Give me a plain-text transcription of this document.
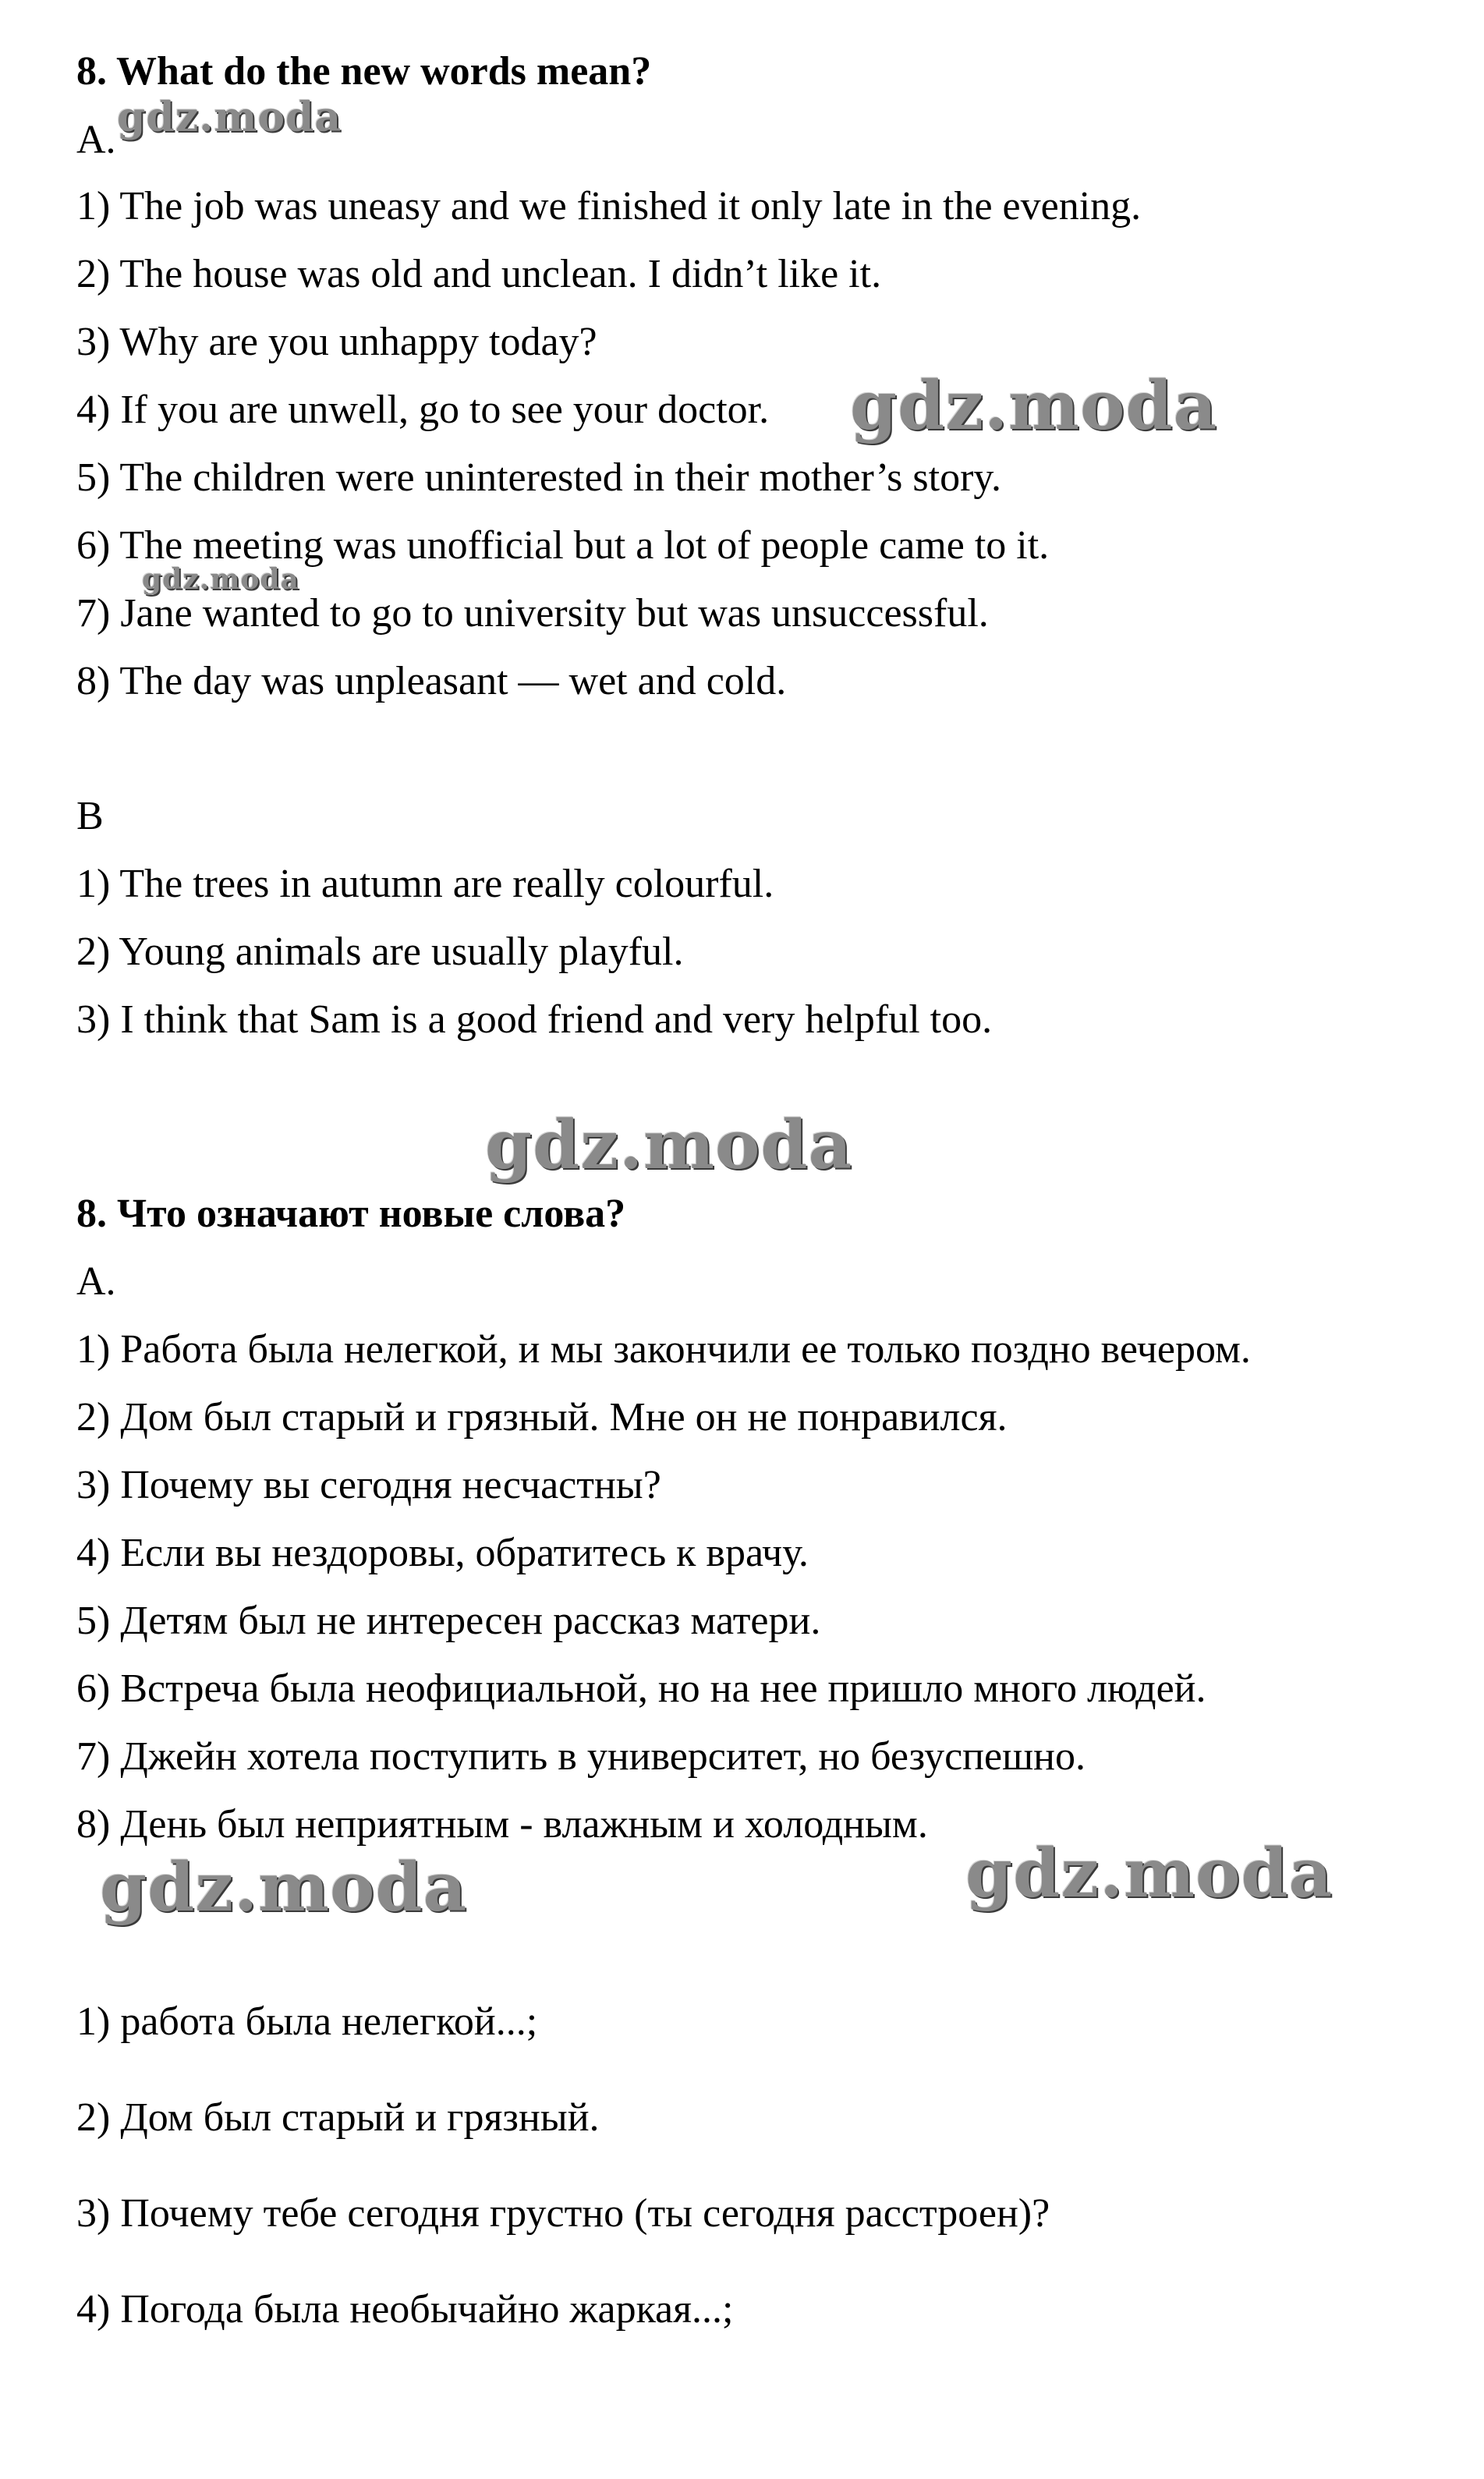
8. What do the new words mean?
A. gdz.moda
1) The job was uneasy and we finished it only late in the evening.
2) The house was old and unclean. I didn’t like it.
3) Why are you unhappy today?
4) If you are unwell, go to see your doctor. gdz.moda
5) The children were uninterested in their mother’s story.
6) The meeting was unofficial but a lot of people came to it.
gdz.moda
7) Jane wanted to go to university but was unsuccessful.
8) The day was unpleasant — wet and cold.
B
1) The trees in autumn are really colourful.
2) Young animals are usually playful.
3) I think that Sam is a good friend and very helpful too.
gdz.moda
8. Что означают новые слова?
A.
1) Работа была нелегкой, и мы закончили ее только поздно вечером.
2) Дом был старый и грязный. Мне он не понравился.
3) Почему вы сегодня несчастны?
4) Если вы нездоровы, обратитесь к врачу.
5) Детям был не интересен рассказ матери.
6) Встреча была неофициальной, но на нее пришло много людей.
7) Джейн хотела поступить в университет, но безуспешно.
8) День был неприятным - влажным и холодным.
gdz.moda	gdz.moda
1) работа была нелегкой...;
2) Дом был старый и грязный.
3) Почему тебе сегодня грустно (ты сегодня расстроен)?
4) Погода была необычайно жаркая...;
